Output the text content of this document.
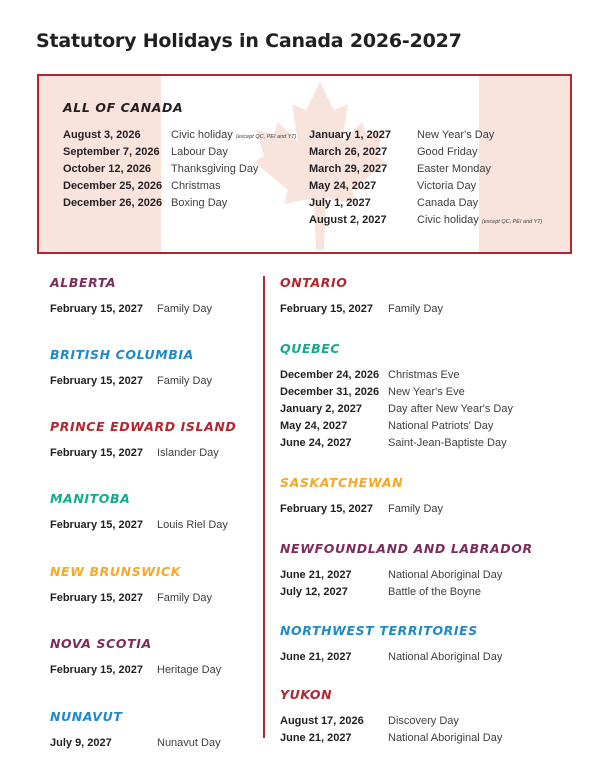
Statutory Holidays in Canada 2026-2027
ALL OF CANADA
August 3, 2026	Civic holiday (except QC, PEI and YT)
September 7, 2026 Labour Day
October 12, 2026 Thanksgiving Day
December 25, 2026 Christmas
December 26, 2026 Boxing Day
January 1, 2027 New Year's Day
March 26, 2027	Good Friday
March 29, 2027	Easter Monday
May 24, 2027	Victoria Day
July 1, 2027	Canada Day
August 2, 2027	Civic holiday (except QC, PEI and YT)
ALBERTA
February 15, 2027 Family Day
BRITISH COLUMBIA
February 15, 2027 Family Day
PRINCE EDWARD ISLAND
February 15, 2027 Islander Day
MANITOBA
February 15, 2027 Louis Riel Day
NEW BRUNSWICK
February 15, 2027 Family Day
NOVA SCOTIA
February 15, 2027 Heritage Day
NUNAVUT
July 9, 2027	Nunavut Day
ONTARIO
February 15, 2027 Family Day
QUEBEC
December 24, 2026 Christmas Eve
December 31, 2026 New Year's Eve
January 2, 2027 Day after New Year's Day
May 24, 2027	National Patriots' Day
June 24, 2027	Saint-Jean-Baptiste Day
SASKATCHEWAN
February 15, 2027 Family Day
NEWFOUNDLAND AND LABRADOR
June 21, 2027	National Aboriginal Day
July 12, 2027	Battle of the Boyne
NORTHWEST TERRITORIES
June 21, 2027	National Aboriginal Day
YUKON
August 17, 2026 Discovery Day
June 21, 2027	National Aboriginal Day
